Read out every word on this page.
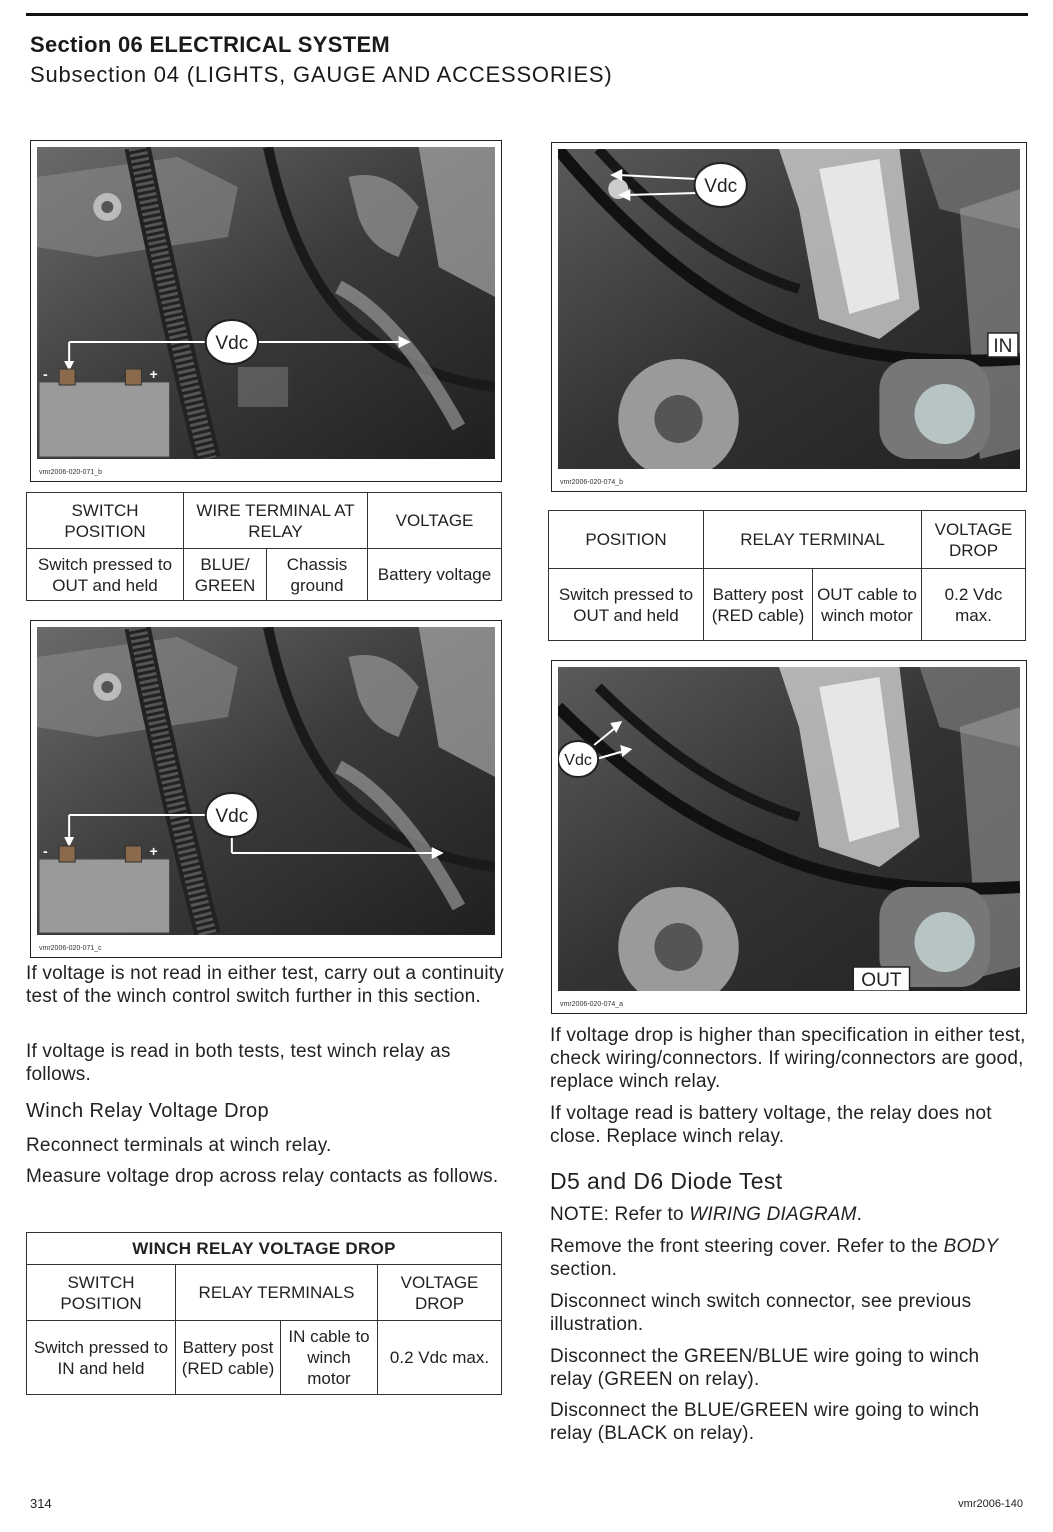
Section 06 ELECTRICAL SYSTEM
Subsection 04 (LIGHTS, GAUGE AND ACCESSORIES)
-	+
Vdc
vmr2006-020-071_b
SWITCH POSITION	WIRE TERMINAL AT RELAY		VOLTAGE
Switch pressed to OUT and held	BLUE/ GREEN	Chassis ground	Battery voltage
-	+
Vdc
vmr2006-020-071_c
If voltage is not read in either test, carry out a continuity test of the winch control switch further in this section.
If voltage is read in both tests, test winch relay as follows.
Winch Relay Voltage Drop
Reconnect terminals at winch relay.
Measure voltage drop across relay contacts as follows.
WINCH RELAY VOLTAGE DROP			
SWITCH POSITION	RELAY TERMINALS		VOLTAGE DROP
Switch pressed to IN and held	Battery post (RED cable)	IN cable to winch motor	0.2 Vdc max.
Vdc
IN
vmr2006-020-074_b
POSITION	RELAY TERMINAL		VOLTAGE DROP
Switch pressed to OUT and held	Battery post (RED cable)	OUT cable to winch motor	0.2 Vdc max.
Vdc
OUT
vmr2006-020-074_a
If voltage drop is higher than specification in either test, check wiring/connectors. If wiring/connectors are good, replace winch relay.
If voltage read is battery voltage, the relay does not close. Replace winch relay.
D5 and D6 Diode Test
NOTE: Refer to WIRING DIAGRAM.
Remove the front steering cover. Refer to the BODY section.
Disconnect winch switch connector, see previous illustration.
Disconnect the GREEN/BLUE wire going to winch relay (GREEN on relay).
Disconnect the BLUE/GREEN wire going to winch relay (BLACK on relay).
314	vmr2006-140
